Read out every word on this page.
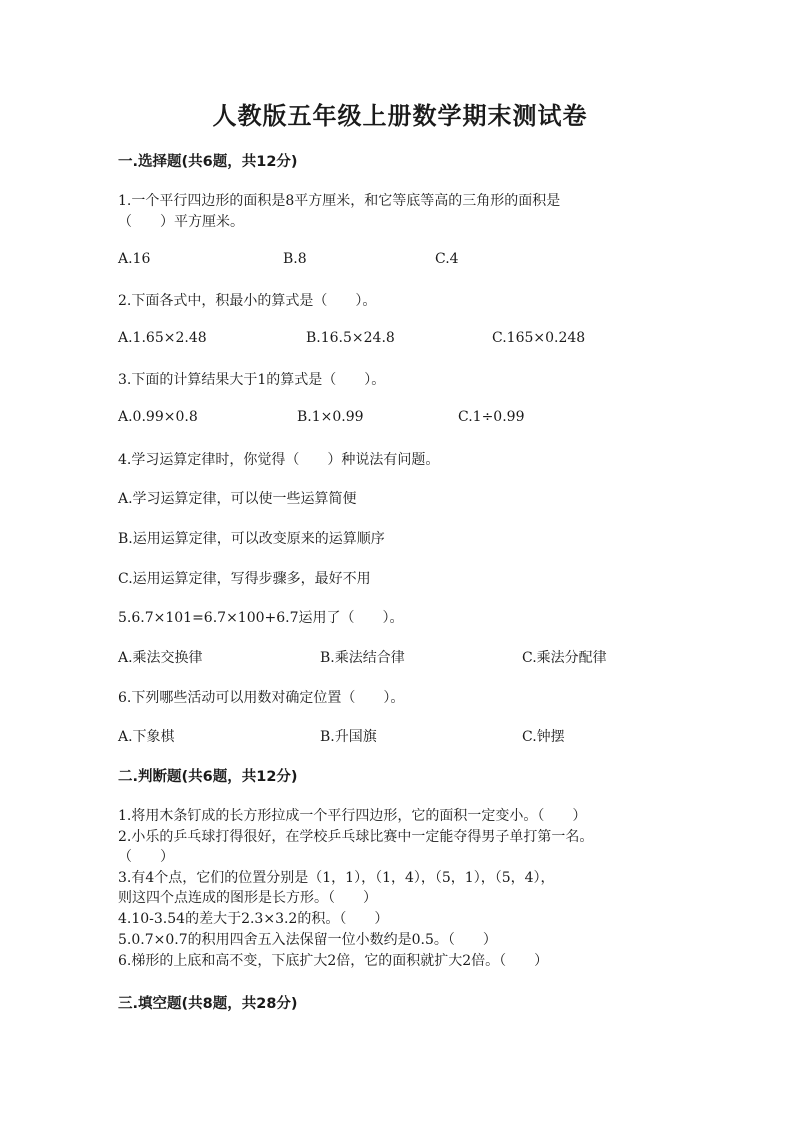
人教版五年级上册数学期末测试卷
一.选择题(共6题，共12分)
1.一个平行四边形的面积是8平方厘米，和它等底等高的三角形的面积是
（　　）平方厘米。
A.16	B.8	C.4
2.下面各式中，积最小的算式是（　　）。
A.1.65×2.48	B.16.5×24.8	C.165×0.248
3.下面的计算结果大于1的算式是（　　）。
A.0.99×0.8	B.1×0.99	C.1÷0.99
4.学习运算定律时，你觉得（　　）种说法有问题。
A.学习运算定律，可以使一些运算简便
B.运用运算定律，可以改变原来的运算顺序
C.运用运算定律，写得步骤多，最好不用
5.6.7×101=6.7×100+6.7运用了（　　）。
A.乘法交换律	B.乘法结合律	C.乘法分配律
6.下列哪些活动可以用数对确定位置（　　）。
A.下象棋	B.升国旗	C.钟摆
二.判断题(共6题，共12分)
1.将用木条钉成的长方形拉成一个平行四边形，它的面积一定变小。（　　）
2.小乐的乒乓球打得很好，在学校乒乓球比赛中一定能夺得男子单打第一名。
（　　）
3.有4个点，它们的位置分别是（1，1），（1，4），（5，1），（5，4），
则这四个点连成的图形是长方形。（　　）
4.10-3.54的差大于2.3×3.2的积。（　　）
5.0.7×0.7的积用四舍五入法保留一位小数约是0.5。（　　）
6.梯形的上底和高不变，下底扩大2倍，它的面积就扩大2倍。（　　）
三.填空题(共8题，共28分)
